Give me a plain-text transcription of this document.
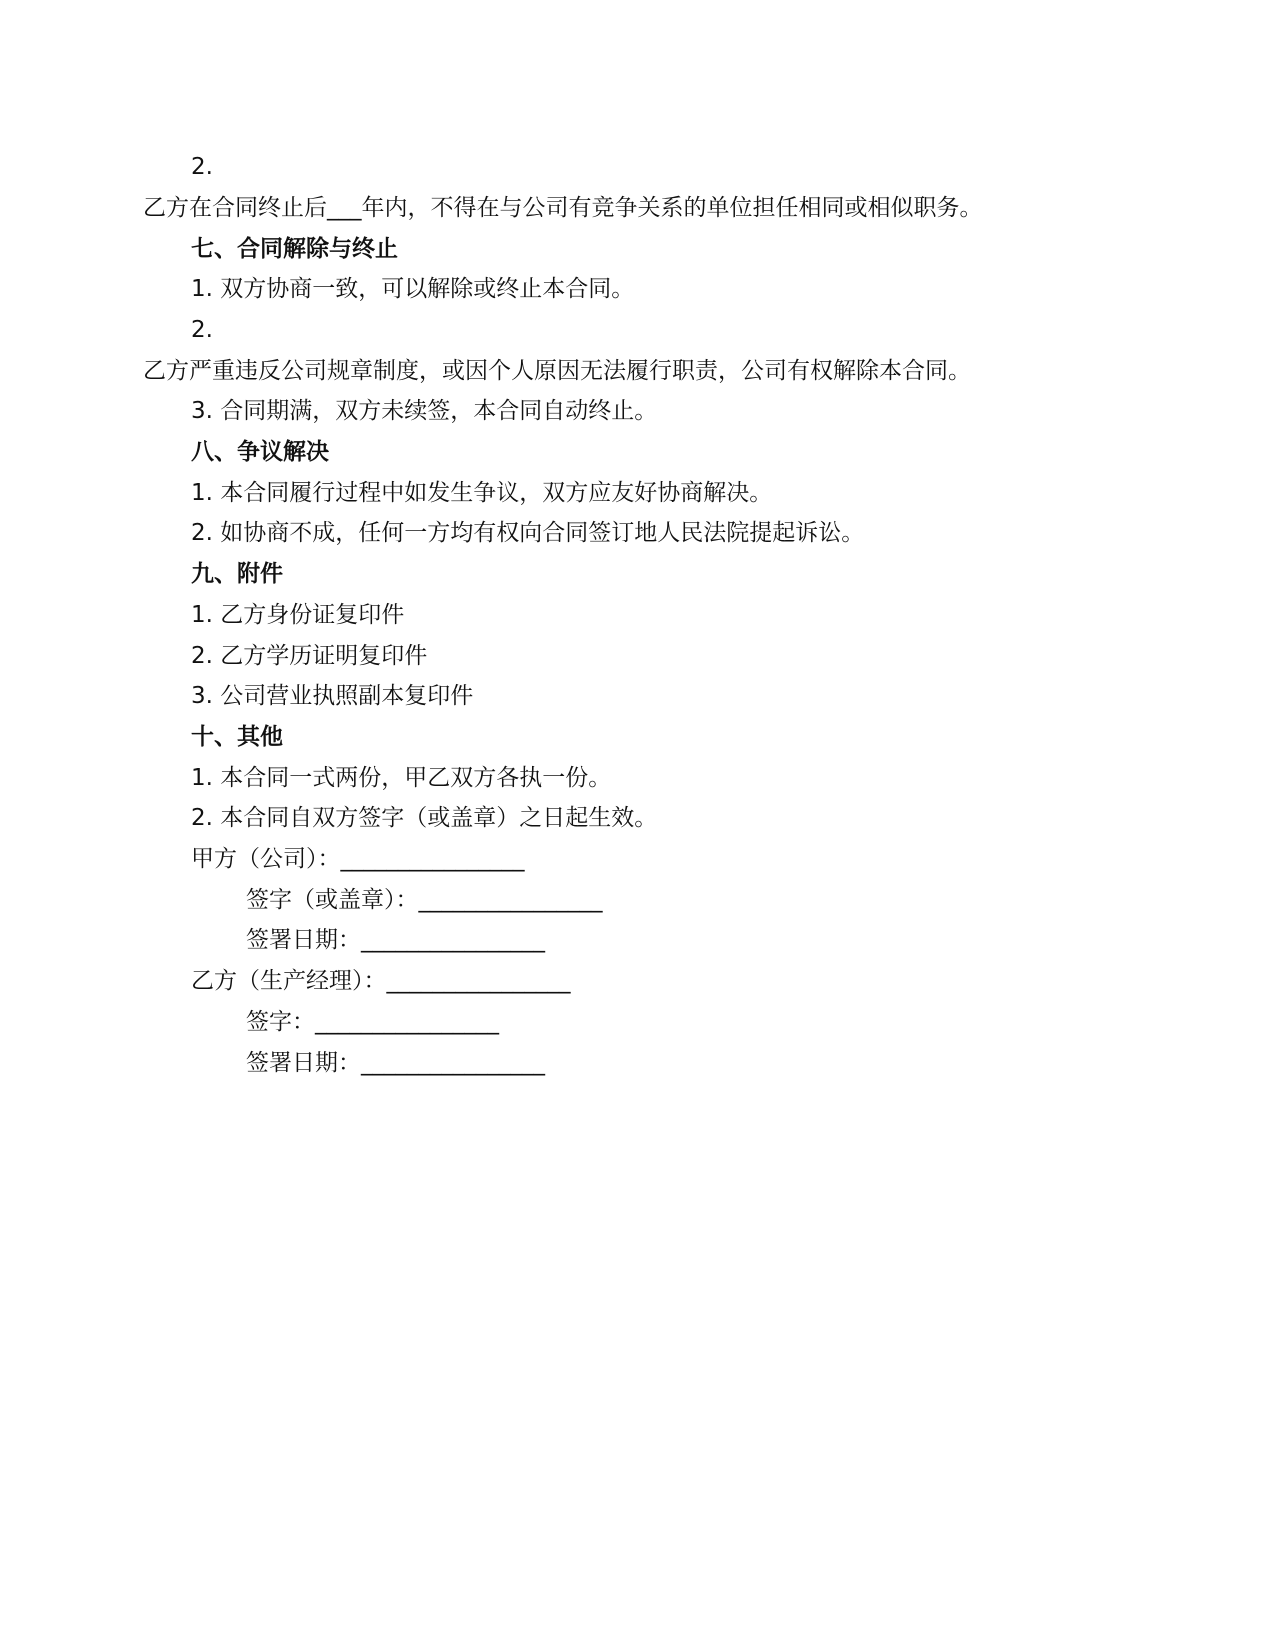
2.
乙方在合同终止后___年内，不得在与公司有竞争关系的单位担任相同或相似职务。
七、合同解除与终止
1. 双方协商一致，可以解除或终止本合同。
2.
乙方严重违反公司规章制度，或因个人原因无法履行职责，公司有权解除本合同。
3. 合同期满，双方未续签，本合同自动终止。
八、争议解决
1. 本合同履行过程中如发生争议，双方应友好协商解决。
2. 如协商不成，任何一方均有权向合同签订地人民法院提起诉讼。
九、附件
1. 乙方身份证复印件
2. 乙方学历证明复印件
3. 公司营业执照副本复印件
十、其他
1. 本合同一式两份，甲乙双方各执一份。
2. 本合同自双方签字（或盖章）之日起生效。
甲方（公司）：________________
签字（或盖章）：________________
签署日期：________________
乙方（生产经理）：________________
签字：________________
签署日期：________________
